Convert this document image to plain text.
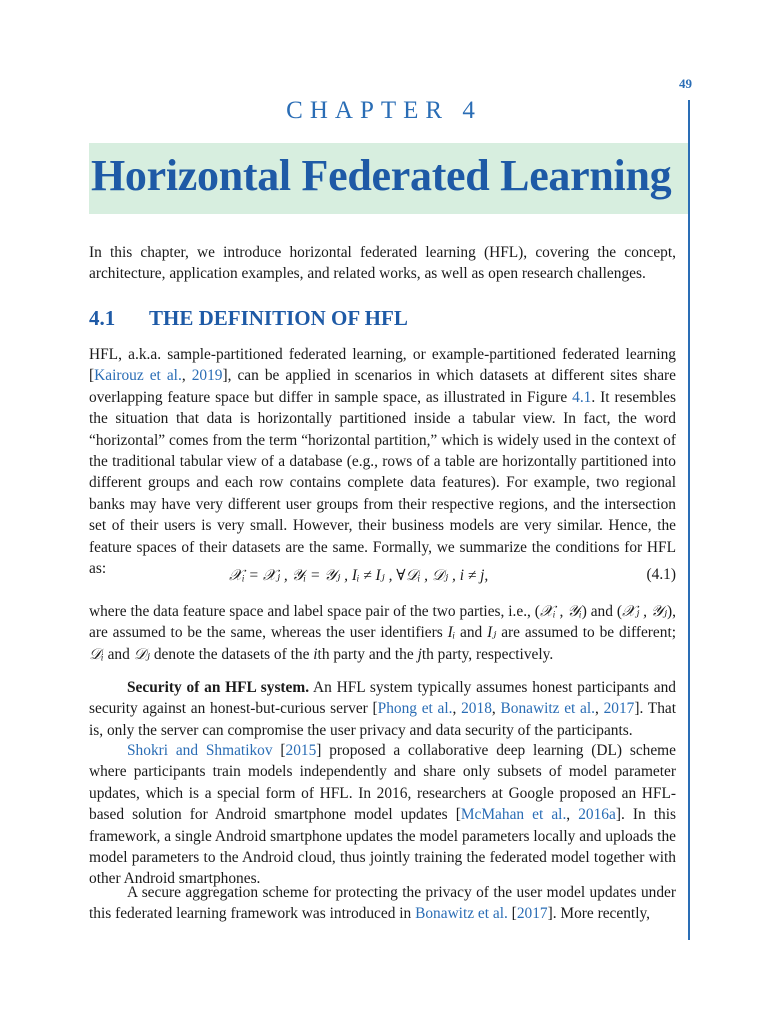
49
CHAPTER 4
Horizontal Federated Learning
In this chapter, we introduce horizontal federated learning (HFL), covering the concept, architecture, application examples, and related works, as well as open research challenges.
4.1 THE DEFINITION OF HFL
HFL, a.k.a. sample-partitioned federated learning, or example-partitioned federated learning [Kairouz et al., 2019], can be applied in scenarios in which datasets at different sites share overlapping feature space but differ in sample space, as illustrated in Figure 4.1. It resembles the situation that data is horizontally partitioned inside a tabular view. In fact, the word “horizontal” comes from the term “horizontal partition,” which is widely used in the context of the traditional tabular view of a database (e.g., rows of a table are horizontally partitioned into different groups and each row contains complete data features). For example, two regional banks may have very different user groups from their respective regions, and the intersection set of their users is very small. However, their business models are very similar. Hence, the feature spaces of their datasets are the same. Formally, we summarize the conditions for HFL as:	𝒳ᵢ = 𝒳ⱼ , 𝒴ᵢ = 𝒴ⱼ , Iᵢ ≠ Iⱼ , ∀𝒟ᵢ , 𝒟ⱼ , i ≠ j,	(4.1)
where the data feature space and label space pair of the two parties, i.e., (𝒳ᵢ , 𝒴ᵢ) and (𝒳ⱼ , 𝒴ⱼ), are assumed to be the same, whereas the user identifiers Iᵢ and Iⱼ are assumed to be different; 𝒟ᵢ and 𝒟ⱼ denote the datasets of the ith party and the jth party, respectively.
Security of an HFL system. An HFL system typically assumes honest participants and security against an honest-but-curious server [Phong et al., 2018, Bonawitz et al., 2017]. That is, only the server can compromise the user privacy and data security of the participants.
Shokri and Shmatikov [2015] proposed a collaborative deep learning (DL) scheme where participants train models independently and share only subsets of model parameter updates, which is a special form of HFL. In 2016, researchers at Google proposed an HFL-based solution for Android smartphone model updates [McMahan et al., 2016a]. In this framework, a single Android smartphone updates the model parameters locally and uploads the model parameters to the Android cloud, thus jointly training the federated model together with other Android smartphones.
A secure aggregation scheme for protecting the privacy of the user model updates under this federated learning framework was introduced in Bonawitz et al. [2017]. More recently,
